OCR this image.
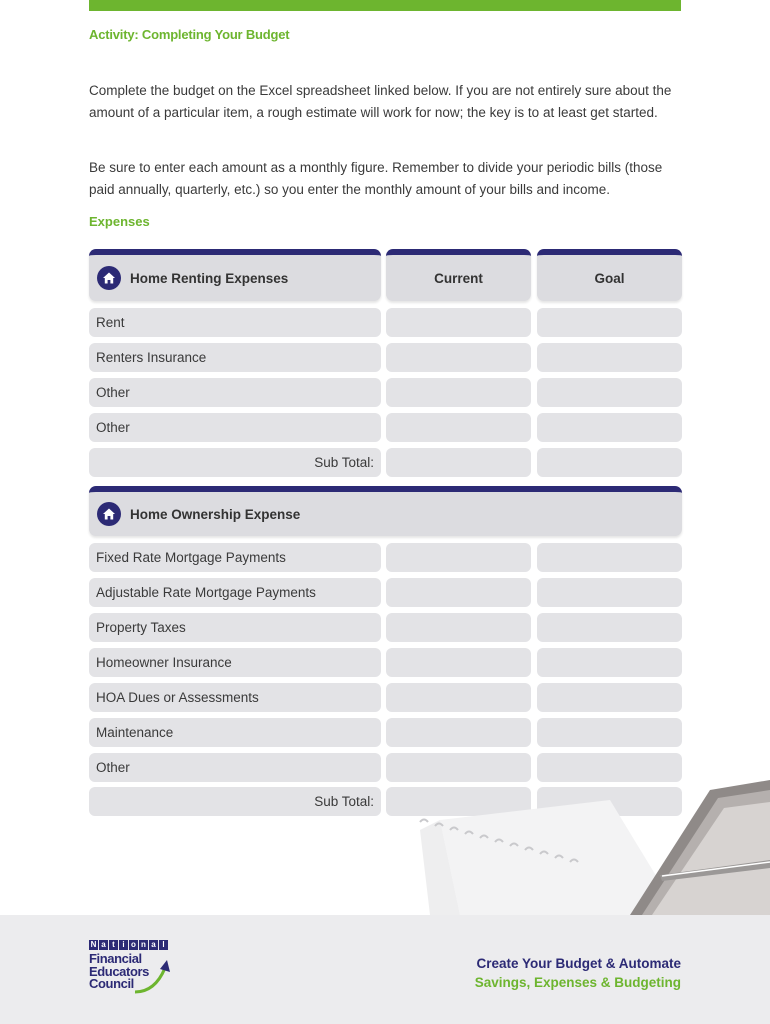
Activity: Completing Your Budget
Complete the budget on the Excel spreadsheet linked below. If you are not entirely sure about the amount of a particular item, a rough estimate will work for now; the key is to at least get started.
Be sure to enter each amount as a monthly figure. Remember to divide your periodic bills (those paid annually, quarterly, etc.) so you enter the monthly amount of your bills and income.
Expenses
Home Renting Expenses	Current	Goal
Rent
Renters Insurance
Other
Other
Sub Total:
Home Ownership Expense
Fixed Rate Mortgage Payments
Adjustable Rate Mortgage Payments
Property Taxes
Homeowner Insurance
HOA Dues or Assessments
Maintenance
Other
Sub Total:
N a t i o n a l
Financial
Educators
Council
Create Your Budget & Automate
Savings, Expenses & Budgeting
